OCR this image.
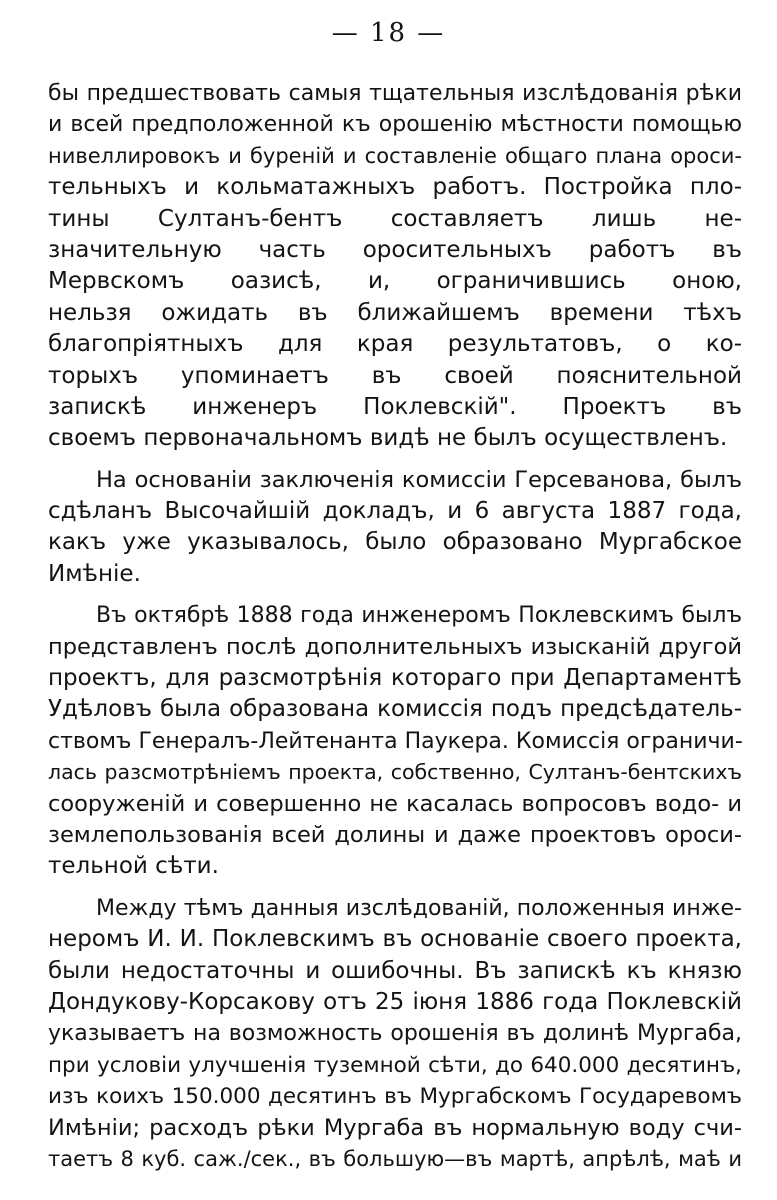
— 18 —
бы предшествовать самыя тщательныя изслѣдованія рѣки
и всей предположенной къ орошенію мѣстности помощью
нивеллировокъ и буреній и составленіе общаго плана ороси-
тельныхъ и кольматажныхъ работъ. Постройка пло-
тины Султанъ-бентъ составляетъ лишь не-
значительную часть оросительныхъ работъ въ
Мервскомъ оазисѣ, и, ограничившись оною,
нельзя ожидать въ ближайшемъ времени тѣхъ
благопріятныхъ для края результатовъ, о ко-
торыхъ упоминаетъ въ своей пояснительной
запискѣ инженеръ Поклевскій". Проектъ въ
своемъ первоначальномъ видѣ не былъ осуществленъ.
На основаніи заключенія комиссіи Герсеванова, былъ
сдѣланъ Высочайшій докладъ, и 6 августа 1887 года,
какъ уже указывалось, было образовано Мургабское
Имѣніе.
Въ октябрѣ 1888 года инженеромъ Поклевскимъ былъ
представленъ послѣ дополнительныхъ изысканій другой
проектъ, для разсмотрѣнія котораго при Департаментѣ
Удѣловъ была образована комиссія подъ предсѣдатель-
ствомъ Генералъ-Лейтенанта Паукера. Комиссія ограничи-
лась разсмотрѣніемъ проекта, собственно, Султанъ-бентскихъ
сооруженій и совершенно не касалась вопросовъ водо- и
землепользованія всей долины и даже проектовъ ороси-
тельной сѣти.
Между тѣмъ данныя изслѣдованій, положенныя инже-
неромъ И. И. Поклевскимъ въ основаніе своего проекта,
были недостаточны и ошибочны. Въ запискѣ къ князю
Дондукову-Корсакову отъ 25 іюня 1886 года Поклевскій
указываетъ на возможность орошенія въ долинѣ Мургаба,
при условіи улучшенія туземной сѣти, до 640.000 десятинъ,
изъ коихъ 150.000 десятинъ въ Мургабскомъ Государевомъ
Имѣніи; расходъ рѣки Мургаба въ нормальную воду счи-
таетъ 8 куб. саж./сек., въ большую—въ мартѣ, апрѣлѣ, маѣ и
